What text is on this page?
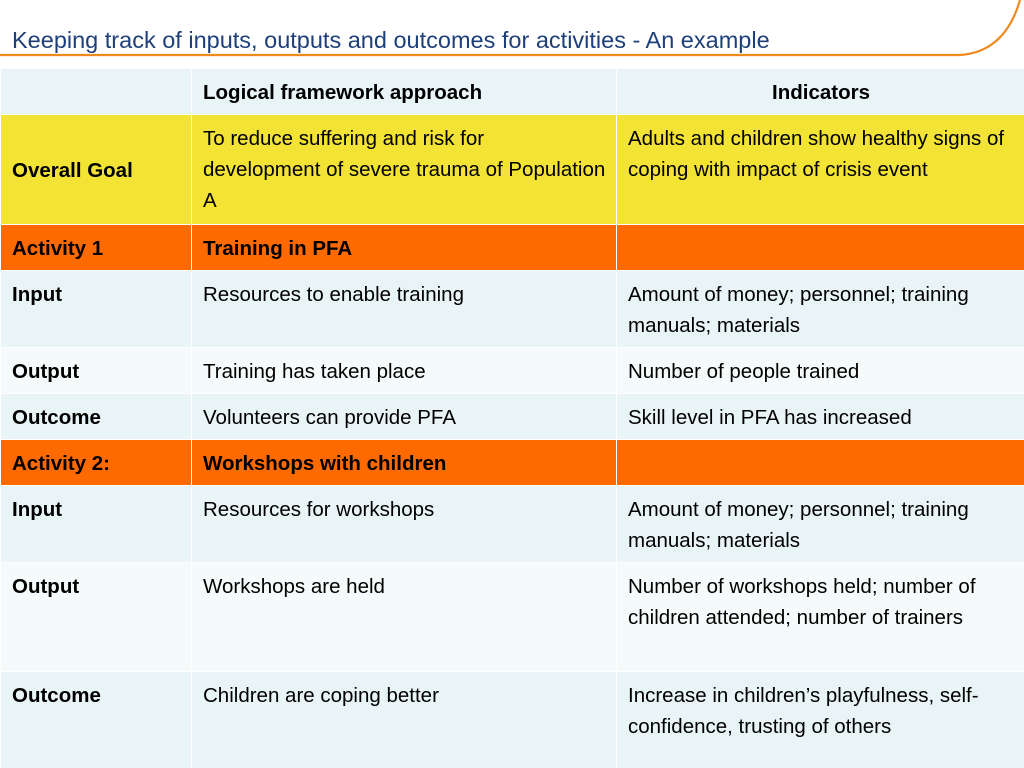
Keeping track of inputs, outputs and outcomes for activities - An example
	Logical framework approach	Indicators
Overall Goal	To reduce suffering and risk for development of severe trauma of Population A	Adults and children show healthy signs of coping with impact of crisis event
Activity 1	Training in PFA	
Input	Resources to enable training	Amount of money; personnel; training manuals; materials
Output	Training has taken place	Number of people trained
Outcome	Volunteers can provide PFA	Skill level in PFA has increased
Activity 2:	Workshops with children	
Input	Resources for workshops	Amount of money; personnel; training manuals; materials
Output	Workshops are held	Number of workshops held; number of children attended; number of trainers
Outcome	Children are coping better	Increase in children’s playfulness, self-confidence, trusting of others
